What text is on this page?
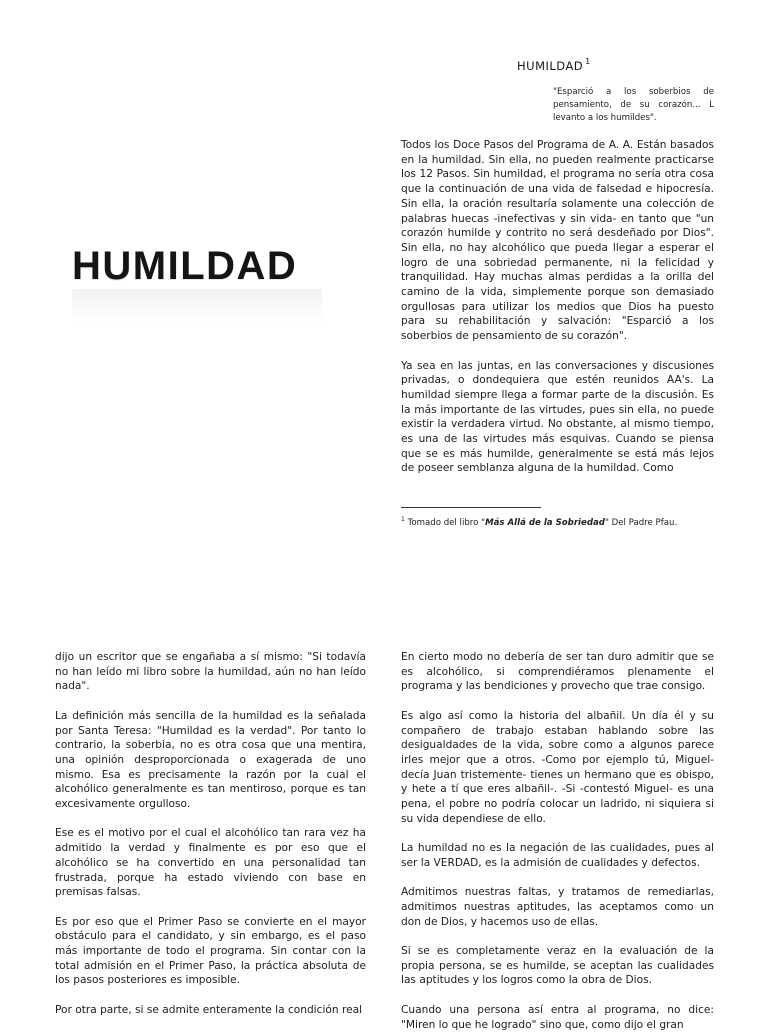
HUMILDAD
HUMILDAD $^1$
"Esparció a los soberbios de pensamiento, de su corazón... L levanto a los humildes".

Todos los Doce Pasos del Programa de A. A. Están basados en la humildad. Sin ella, no pueden realmente practicarse los 12 Pasos. Sin humildad, el programa no sería otra cosa que la continuación de una vida de falsedad e hipocresía. Sin ella, la oración resultaría solamente una colección de palabras huecas -inefectivas y sin vida- en tanto que "un corazón humilde y contrito no será desdeñado por Dios". Sin ella, no hay alcohólico que pueda llegar a esperar el logro de una sobriedad permanente, ni la felicidad y tranquilidad. Hay muchas almas perdidas a la orilla del camino de la vida, simplemente porque son demasiado orgullosas para utilizar los medios que Dios ha puesto para su rehabilitación y salvación: "Esparció a los soberbios de pensamiento de su corazón".

Ya sea en las juntas, en las conversaciones y discusiones privadas, o dondequiera que estén reunidos AA's. La humildad siempre llega a formar parte de la discusión. Es la más importante de las virtudes, pues sin ella, no puede existir la verdadera virtud. No obstante, al mismo tiempo, es una de las virtudes más esquivas. Cuando se piensa que se es más humilde, generalmente se está más lejos de poseer semblanza alguna de la humildad. Como

$^1$ Tomado del libro "Más Allá de la Sobriedad" Del Padre Pfau.

dijo un escritor que se engañaba a sí mismo: "Si todavía no han leído mi libro sobre la humildad, aún no han leído nada".

La definición más sencilla de la humildad es la señalada por Santa Teresa: "Humildad es la verdad". Por tanto lo contrario, la soberbia, no es otra cosa que una mentira, una opinión desproporcionada o exagerada de uno mismo. Esa es precisamente la razón por la cual el alcohólico generalmente es tan mentiroso, porque es tan excesivamente orgulloso.

Ese es el motivo por el cual el alcohólico tan rara vez ha admitido la verdad y finalmente es por eso que el alcohólico se ha convertido en una personalidad tan frustrada, porque ha estado viviendo con base en premisas falsas.

Es por eso que el Primer Paso se convierte en el mayor obstáculo para el candidato, y sin embargo, es el paso más importante de todo el programa. Sin contar con la total admisión en el Primer Paso, la práctica absoluta de los pasos posteriores es imposible.

Por otra parte, si se admite enteramente la condición real

En cierto modo no debería de ser tan duro admitir que se es alcohólico, si comprendiéramos plenamente el programa y las bendiciones y provecho que trae consigo.

Es algo así como la historia del albañil. Un día él y su compañero de trabajo estaban hablando sobre las desigualdades de la vida, sobre como a algunos parece irles mejor que a otros. -Como por ejemplo tú, Miguel- decía Juan tristemente- tienes un hermano que es obispo, y hete a tí que eres albañil-. -Si -contestó Miguel- es una pena, el pobre no podría colocar un ladrido, ni siquiera si su vida dependiese de ello.

La humildad no es la negación de las cualidades, pues al ser la VERDAD, es la admisión de cualidades y defectos.

Admitimos nuestras faltas, y tratamos de remediarlas, admitimos nuestras aptitudes, las aceptamos como un don de Dios, y hacemos uso de ellas.

Si se es completamente veraz en la evaluación de la propia persona, se es humilde, se aceptan las cualidades las aptitudes y los logros como la obra de Dios.

Cuando una persona así entra al programa, no dice: "Miren lo que he logrado" sino que, como dijo el gran
